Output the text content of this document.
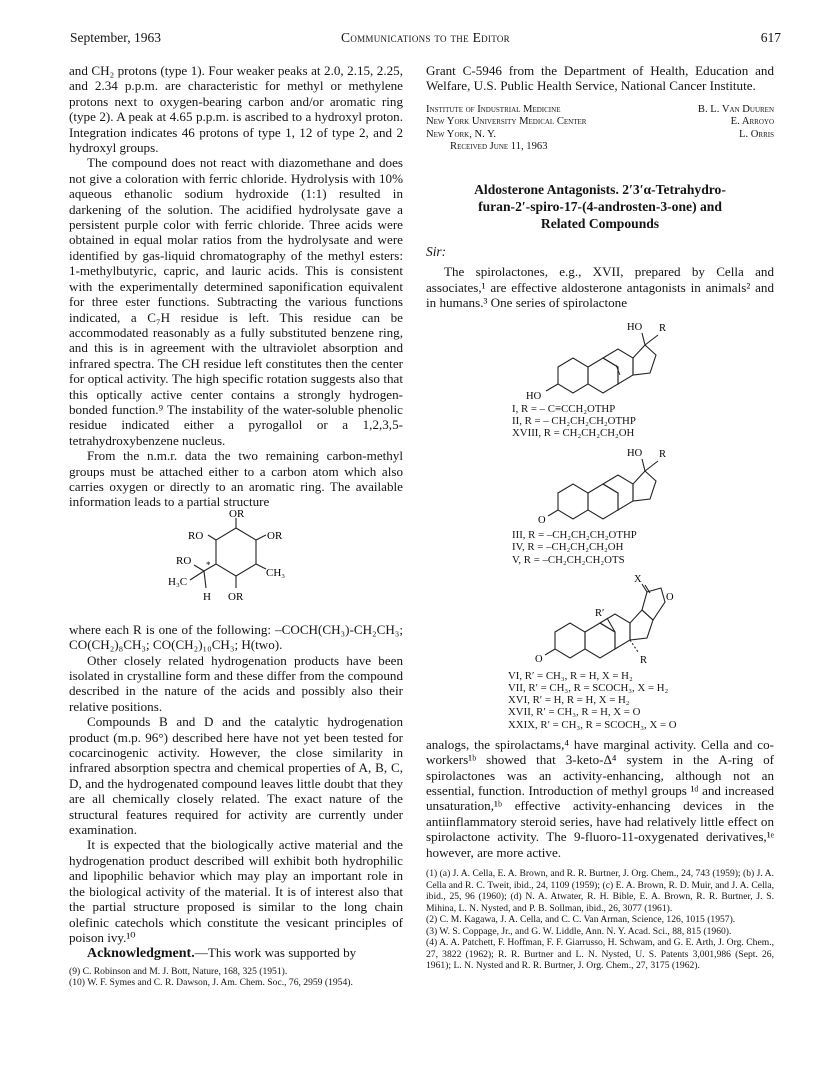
September, 1963	Communications to the Editor	617

and CH₂ protons (type 1). Four weaker peaks at 2.0, 2.15, 2.25, and 2.34 p.p.m. are characteristic for methyl or methylene protons next to oxygen-bearing carbon and/or aromatic ring (type 2). A peak at 4.65 p.p.m. is ascribed to a hydroxyl proton. Integration indicates 46 protons of type 1, 12 of type 2, and 2 hydroxyl groups.

The compound does not react with diazomethane and does not give a coloration with ferric chloride. Hydrolysis with 10% aqueous ethanolic sodium hydroxide (1:1) resulted in darkening of the solution. The acidified hydrolysate gave a persistent purple color with ferric chloride. Three acids were obtained in equal molar ratios from the hydrolysate and were identified by gas-liquid chromatography of the methyl esters: 1-methylbutyric, capric, and lauric acids. This is consistent with the experimentally determined saponification equivalent for three ester functions. Subtracting the various functions indicated, a C₇H residue is left. This residue can be accommodated reasonably as a fully substituted benzene ring, and this is in agreement with the ultraviolet absorption and infrared spectra. The CH residue left constitutes then the center for optical activity. The high specific rotation suggests also that this optically active center contains a strongly hydrogen-bonded function.⁹ The instability of the water-soluble phenolic residue indicated either a pyrogallol or a 1,2,3,5-tetrahydroxybenzene nucleus.

From the n.m.r. data the two remaining carbon-methyl groups must be attached either to a carbon atom which also carries oxygen or directly to an aromatic ring. The available information leads to a partial structure

OR
RO	OR
RO *
CH₃
H₃C
H OR

where each R is one of the following: –COCH(CH₃)-CH₂CH₃; CO(CH₂)₈CH₃; CO(CH₂)₁₀CH₃; H(two).

Other closely related hydrogenation products have been isolated in crystalline form and these differ from the compound described in the nature of the acids and possibly also their relative positions.

Compounds B and D and the catalytic hydrogenation product (m.p. 96°) described here have not yet been tested for cocarcinogenic activity. However, the close similarity in infrared absorption spectra and chemical properties of A, B, C, D, and the hydrogenated compound leaves little doubt that they are all chemically closely related. The exact nature of the structural features required for activity are currently under examination.

It is expected that the biologically active material and the hydrogenation product described will exhibit both hydrophilic and lipophilic behavior which may play an important role in the biological activity of the material. It is of interest also that the partial structure proposed is similar to the long chain olefinic catechols which constitute the vesicant principles of poison ivy.¹⁰

Acknowledgment.—This work was supported by

(9) C. Robinson and M. J. Bott, Nature, 168, 325 (1951).

(10) W. F. Symes and C. R. Dawson, J. Am. Chem. Soc., 76, 2959 (1954).

Grant C-5946 from the Department of Health, Education and Welfare, U.S. Public Health Service, National Cancer Institute.

Institute of Industrial Medicine	B. L. Van Duuren
New York University Medical Center	E. Arroyo
New York, N. Y.	L. Orris
Received June 11, 1963
Aldosterone Antagonists. 2′3′α-Tetrahydro-
furan-2′-spiro-17-(4-androsten-3-one) and
Related Compounds
Sir:

The spirolactones, e.g., XVII, prepared by Cella and associates,¹ are effective aldosterone antagonists in animals² and in humans.³ One series of spirolactone

HO R
HO
I, R = – C≡CCH₂OTHP
II, R = – CH₂CH₂CH₂OTHP
XVIII, R = CH₂CH₂CH₂OH
HO R
O
III, R = –CH₂CH₂CH₂OTHP
IV, R = –CH₂CH₂CH₂OH
V, R = –CH₂CH₂CH₂OTS
X
O
R′
O	R
VI, R′ = CH₃, R = H, X = H₂
VII, R′ = CH₃, R = SCOCH₃, X = H₂
XVI, R′ = H, R = H, X = H₂
XVII, R′ = CH₃, R = H, X = O
XXIX, R′ = CH₃, R = SCOCH₃, X = O

analogs, the spirolactams,⁴ have marginal activity. Cella and co-workers¹ᵇ showed that 3-keto-Δ⁴ system in the A-ring of spirolactones was an activity-enhancing, although not an essential, function. Introduction of methyl groups ¹ᵈ and increased unsaturation,¹ᵇ effective activity-enhancing devices in the antiinflammatory steroid series, have had relatively little effect on spirolactone activity. The 9-fluoro-11-oxygenated derivatives,¹ᵉ however, are more active.

(1) (a) J. A. Cella, E. A. Brown, and R. R. Burtner, J. Org. Chem., 24, 743 (1959); (b) J. A. Cella and R. C. Tweit, ibid., 24, 1109 (1959); (c) E. A. Brown, R. D. Muir, and J. A. Cella, ibid., 25, 96 (1960); (d) N. A. Atwater, R. H. Bible, E. A. Brown, R. R. Burtner, J. S. Mihina, L. N. Nysted, and P. B. Sollman, ibid., 26, 3077 (1961).

(2) C. M. Kagawa, J. A. Cella, and C. C. Van Arman, Science, 126, 1015 (1957).

(3) W. S. Coppage, Jr., and G. W. Liddle, Ann. N. Y. Acad. Sci., 88, 815 (1960).

(4) A. A. Patchett, F. Hoffman, F. F. Giarrusso, H. Schwam, and G. E. Arth, J. Org. Chem., 27, 3822 (1962); R. R. Burtner and L. N. Nysted, U. S. Patents 3,001,986 (Sept. 26, 1961); L. N. Nysted and R. R. Burtner, J. Org. Chem., 27, 3175 (1962).
